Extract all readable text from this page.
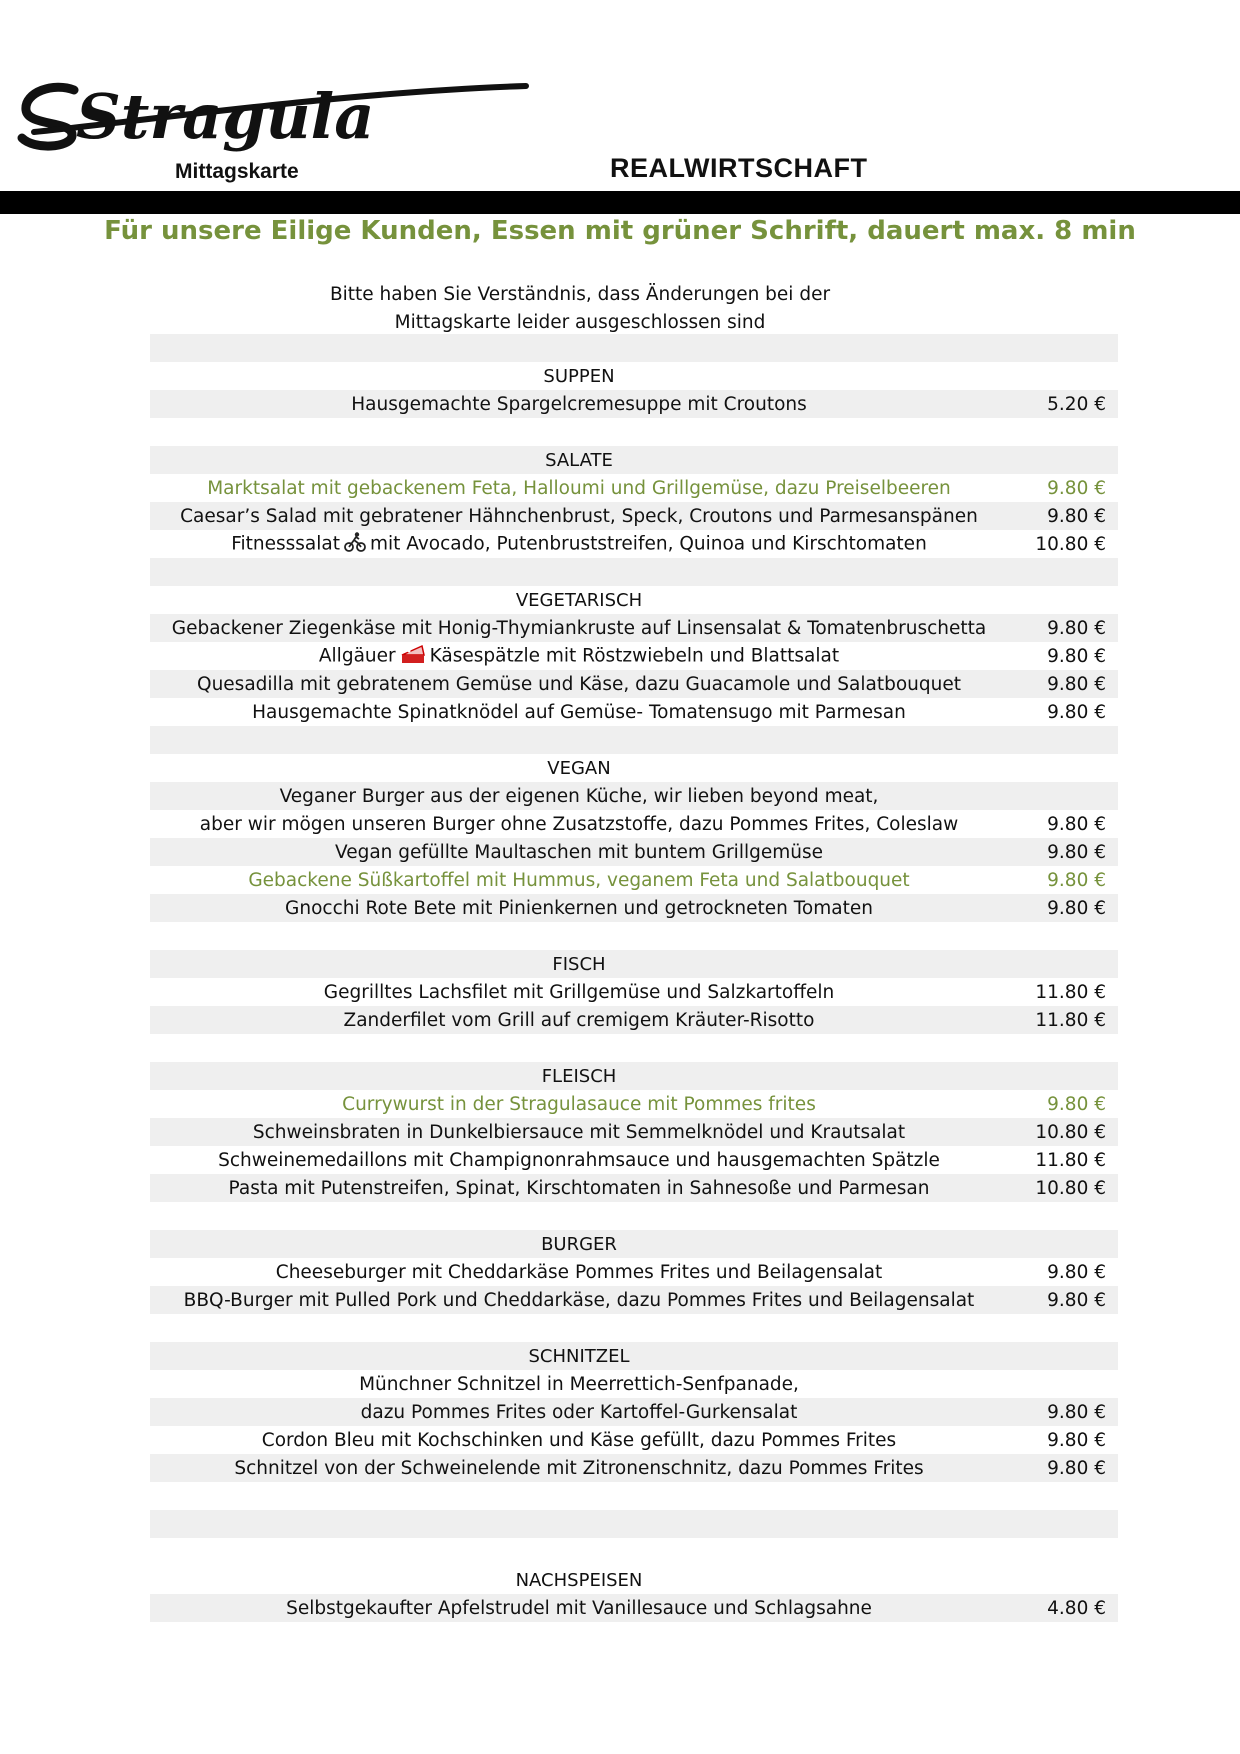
Stragula
Mittagskarte	REALWIRTSCHAFT
Für unsere Eilige Kunden, Essen mit grüner Schrift, dauert max. 8 min
Bitte haben Sie Verständnis, dass Änderungen bei der
Mittagskarte leider ausgeschlossen sind
SUPPEN
Hausgemachte Spargelcremesuppe mit Croutons	5.20 €
SALATE
Marktsalat mit gebackenem Feta, Halloumi und Grillgemüse, dazu Preiselbeeren	9.80 €
Caesar’s Salad mit gebratener Hähnchenbrust, Speck, Croutons und Parmesanspänen	9.80 €
Fitnesssalat mit Avocado, Putenbruststreifen, Quinoa und Kirschtomaten	10.80 €
VEGETARISCH
Gebackener Ziegenkäse mit Honig-Thymiankruste auf Linsensalat & Tomatenbruschetta	9.80 €
Allgäuer Käsespätzle mit Röstzwiebeln und Blattsalat	9.80 €
Quesadilla mit gebratenem Gemüse und Käse, dazu Guacamole und Salatbouquet	9.80 €
Hausgemachte Spinatknödel auf Gemüse- Tomatensugo mit Parmesan	9.80 €
VEGAN
Veganer Burger aus der eigenen Küche, wir lieben beyond meat,
aber wir mögen unseren Burger ohne Zusatzstoffe, dazu Pommes Frites, Coleslaw	9.80 €
Vegan gefüllte Maultaschen mit buntem Grillgemüse	9.80 €
Gebackene Süßkartoffel mit Hummus, veganem Feta und Salatbouquet	9.80 €
Gnocchi Rote Bete mit Pinienkernen und getrockneten Tomaten	9.80 €
FISCH
Gegrilltes Lachsfilet mit Grillgemüse und Salzkartoffeln	11.80 €
Zanderfilet vom Grill auf cremigem Kräuter-Risotto	11.80 €
FLEISCH
Currywurst in der Stragulasauce mit Pommes frites	9.80 €
Schweinsbraten in Dunkelbiersauce mit Semmelknödel und Krautsalat	10.80 €
Schweinemedaillons mit Champignonrahmsauce und hausgemachten Spätzle	11.80 €
Pasta mit Putenstreifen, Spinat, Kirschtomaten in Sahnesoße und Parmesan	10.80 €
BURGER
Cheeseburger mit Cheddarkäse Pommes Frites und Beilagensalat	9.80 €
BBQ-Burger mit Pulled Pork und Cheddarkäse, dazu Pommes Frites und Beilagensalat	9.80 €
SCHNITZEL
Münchner Schnitzel in Meerrettich-Senfpanade,
dazu Pommes Frites oder Kartoffel-Gurkensalat	9.80 €
Cordon Bleu mit Kochschinken und Käse gefüllt, dazu Pommes Frites	9.80 €
Schnitzel von der Schweinelende mit Zitronenschnitz, dazu Pommes Frites	9.80 €
NACHSPEISEN
Selbstgekaufter Apfelstrudel mit Vanillesauce und Schlagsahne	4.80 €
